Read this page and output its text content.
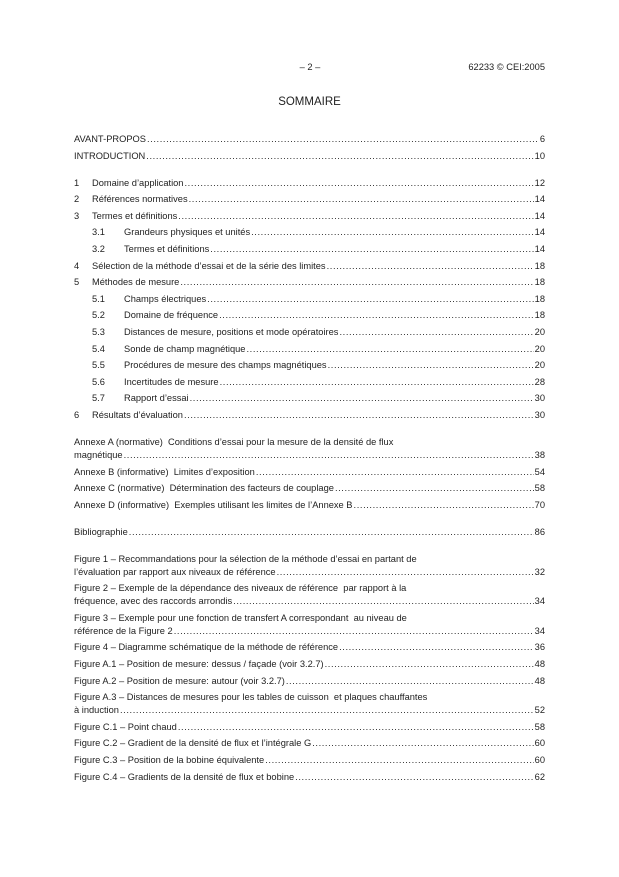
– 2 –	62233 © CEI:2005
SOMMAIRE
AVANT-PROPOS .....	6
INTRODUCTION .....	10
1	Domaine d’application .....	12
2	Références normatives .....	14
3	Termes et définitions .....	14
3.1	Grandeurs physiques et unités .....	14
3.2	Termes et définitions .....	14
4	Sélection de la méthode d’essai et de la série des limites .....	18
5	Méthodes de mesure .....	18
5.1	Champs électriques .....	18
5.2	Domaine de fréquence .....	18
5.3	Distances de mesure, positions et mode opératoires .....	20
5.4	Sonde de champ magnétique .....	20
5.5	Procédures de mesure des champs magnétiques .....	20
5.6	Incertitudes de mesure .....	28
5.7	Rapport d’essai .....	30
6	Résultats d’évaluation .....	30
Annexe A (normative)  Conditions d’essai pour la mesure de la densité de flux
magnétique .....	38
Annexe B (informative)  Limites d’exposition .....	54
Annexe C (normative)  Détermination des facteurs de couplage .....	58
Annexe D (informative)  Exemples utilisant les limites de l’Annexe B .....	70
Bibliographie .....	86
Figure 1 – Recommandations pour la sélection de la méthode d’essai en partant de
l’évaluation par rapport aux niveaux de référence .....	32
Figure 2 – Exemple de la dépendance des niveaux de référence  par rapport à la
fréquence, avec des raccords arrondis .....	34
Figure 3 – Exemple pour une fonction de transfert A correspondant  au niveau de
référence de la Figure 2 .....	34
Figure 4 – Diagramme schématique de la méthode de référence .....	36
Figure A.1 – Position de mesure: dessus / façade (voir 3.2.7) .....	48
Figure A.2 – Position de mesure: autour (voir 3.2.7) .....	48
Figure A.3 – Distances de mesures pour les tables de cuisson  et plaques chauffantes
à induction .....	52
Figure C.1 – Point chaud .....	58
Figure C.2 – Gradient de la densité de flux et l’intégrale G .....	60
Figure C.3 – Position de la bobine équivalente .....	60
Figure C.4 – Gradients de la densité de flux et bobine .....	62
